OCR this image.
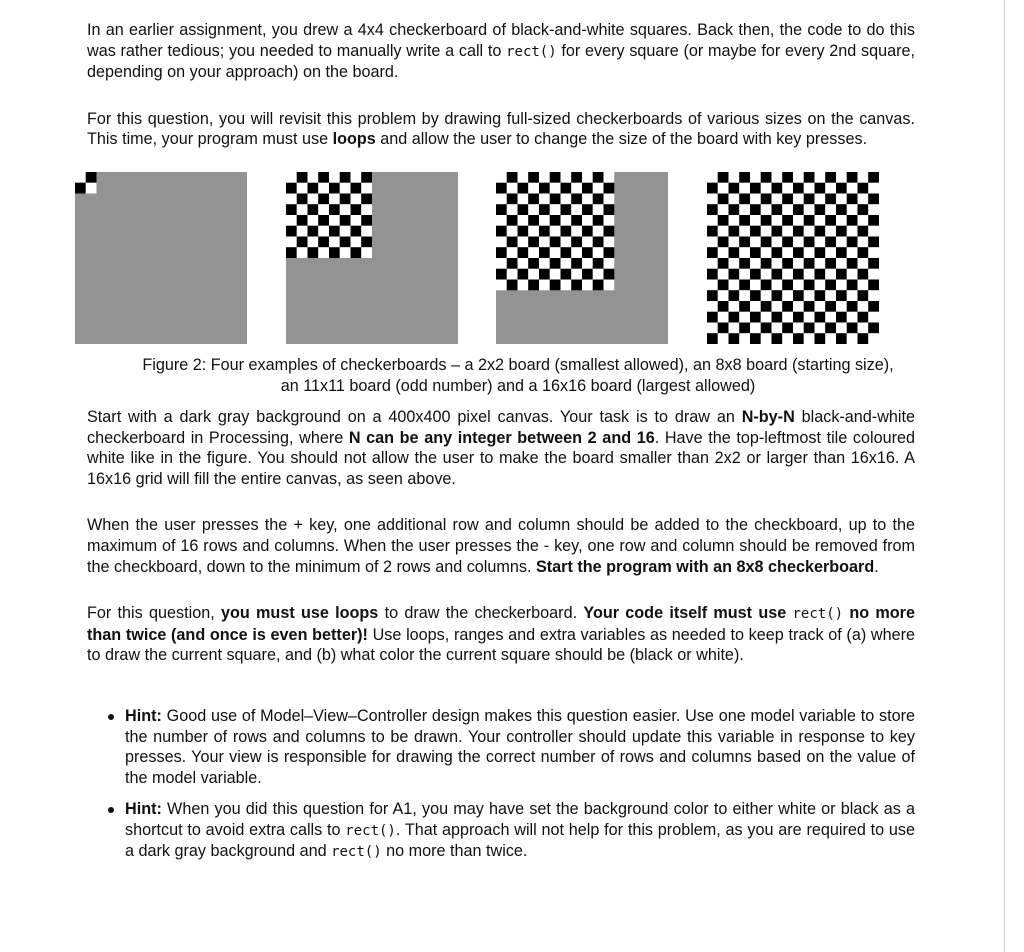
In an earlier assignment, you drew a 4x4 checkerboard of black-and-white squares. Back then, the code to do this was rather tedious; you needed to manually write a call to rect() for every square (or maybe for every 2nd square, depending on your approach) on the board.

For this question, you will revisit this problem by drawing full-sized checkerboards of various sizes on the canvas. This time, your program must use loops and allow the user to change the size of the board with key presses.

Figure 2: Four examples of checkerboards – a 2x2 board (smallest allowed), an 8x8 board (starting size),
an 11x11 board (odd number) and a 16x16 board (largest allowed)

Start with a dark gray background on a 400x400 pixel canvas. Your task is to draw an N-by-N black-and-white checkerboard in Processing, where N can be any integer between 2 and 16. Have the top-leftmost tile coloured white like in the figure. You should not allow the user to make the board smaller than 2x2 or larger than 16x16. A 16x16 grid will fill the entire canvas, as seen above.

When the user presses the + key, one additional row and column should be added to the checkboard, up to the maximum of 16 rows and columns. When the user presses the - key, one row and column should be removed from the checkboard, down to the minimum of 2 rows and columns. Start the program with an 8x8 checkerboard.

For this question, you must use loops to draw the checkerboard. Your code itself must use rect() no more than twice (and once is even better)! Use loops, ranges and extra variables as needed to keep track of (a) where to draw the current square, and (b) what color the current square should be (black or white).

Hint: Good use of Model–View–Controller design makes this question easier. Use one model variable to store the number of rows and columns to be drawn. Your controller should update this variable in response to key presses. Your view is responsible for drawing the correct number of rows and columns based on the value of the model variable.
Hint: When you did this question for A1, you may have set the background color to either white or black as a shortcut to avoid extra calls to rect(). That approach will not help for this problem, as you are required to use a dark gray background and rect() no more than twice.
